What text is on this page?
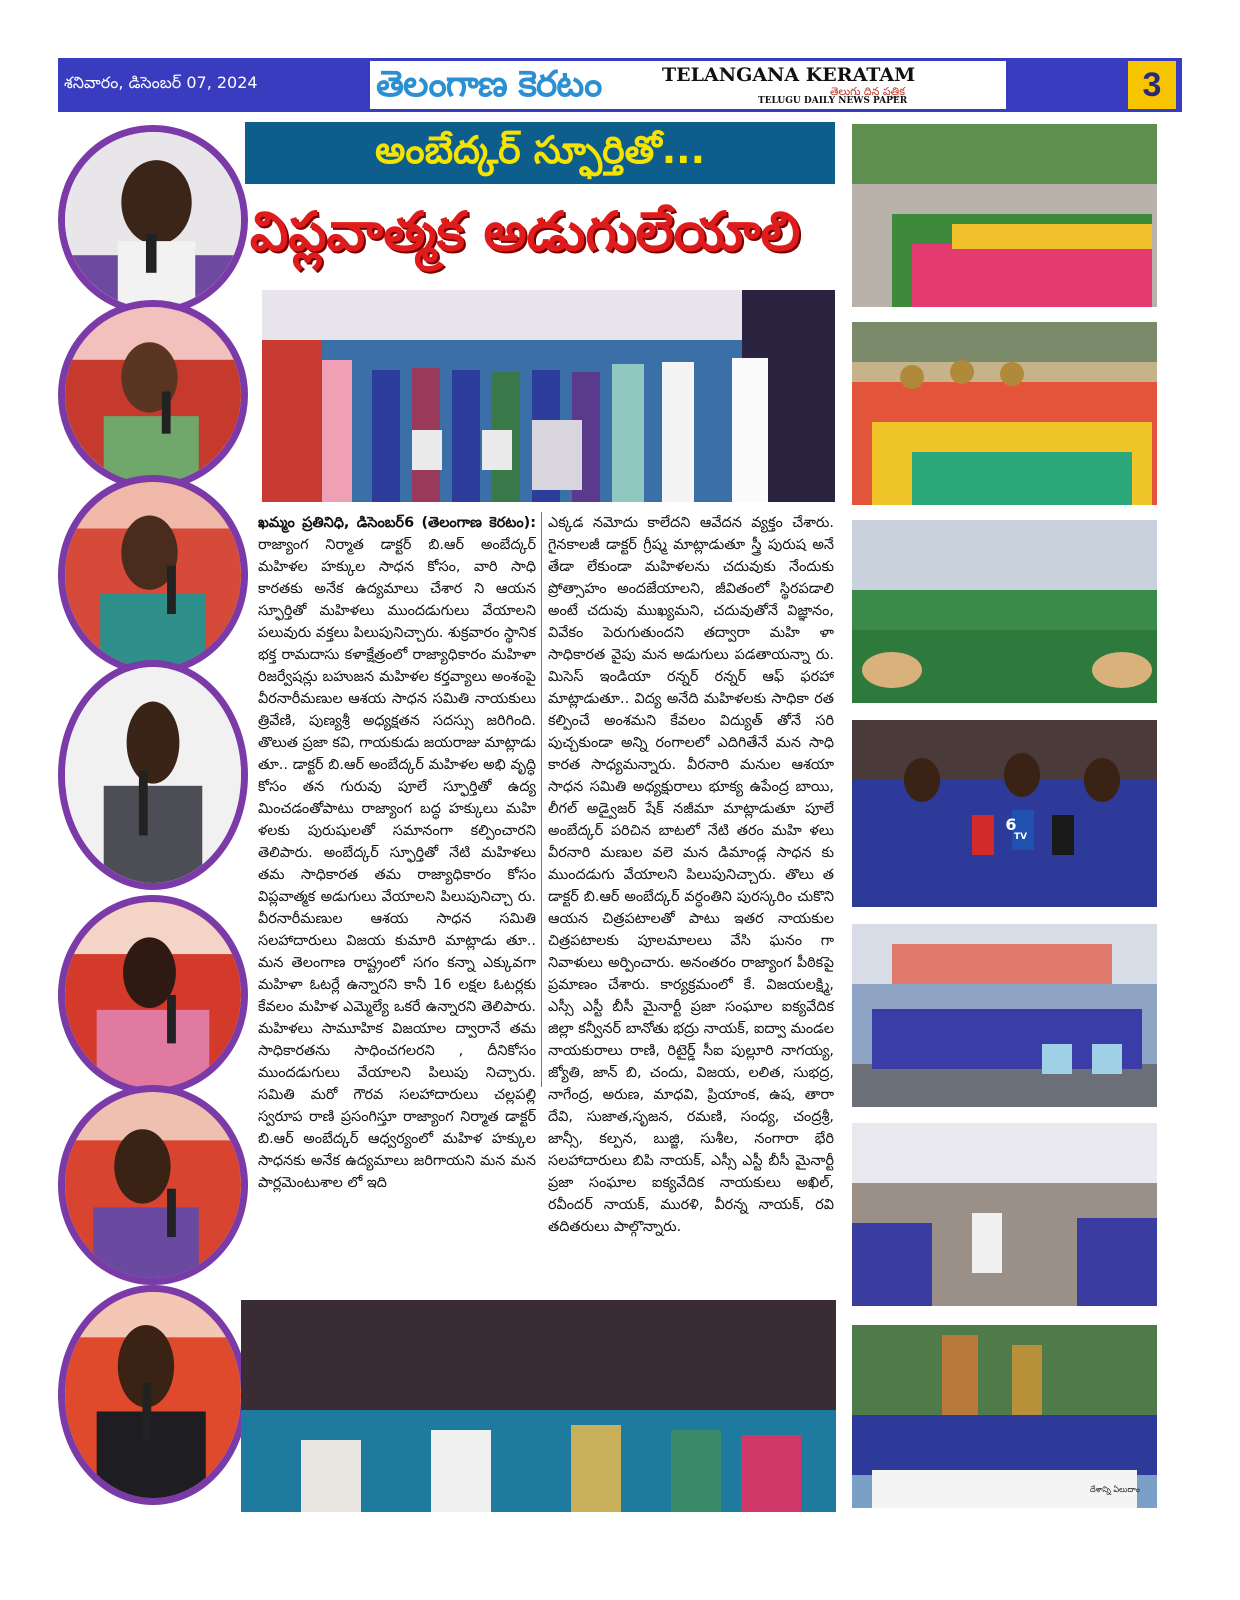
శనివారం, డిసెంబర్ 07, 2024	తెలంగాణ కెరటం	TELANGANA KERATAM
తెలుగు దిన పత్రిక
TELUGU DAILY NEWS PAPER	3
అంబేద్కర్ స్ఫూర్తితో...
విప్లవాత్మక అడుగులేయాలి
6
TV
దేశాన్ని ఏలుదాం

ఖమ్మం ప్రతినిధి, డిసెంబర్6 (తెలంగాణ కెరటం): రాజ్యాంగ నిర్మాత డాక్టర్ బి.ఆర్ అంబేద్కర్ మహిళల హక్కుల సాధన కోసం, వారి సాధి కారతకు అనేక ఉద్యమాలు చేశార ని ఆయన స్ఫూర్తితో మహిళలు ముందడుగులు వేయాలని పలువురు వక్తలు పిలుపునిచ్చారు. శుక్రవారం స్థానిక భక్త రామదాసు కళాక్షేత్రంలో రాజ్యాధికారం మహిళా రిజర్వేషన్లు బహుజన మహిళల కర్తవ్యాలు అంశంపై వీరనారీమణుల ఆశయ సాధన సమితి నాయకులు త్రివేణి, పుణ్యశ్రీ అధ్యక్షతన సదస్సు జరిగింది. తొలుత ప్రజా కవి, గాయకుడు జయరాజు మాట్లాడు తూ.. డాక్టర్ బి.ఆర్ అంబేద్కర్ మహిళల అభి వృద్ధి కోసం తన గురువు పూలే స్ఫూర్తితో ఉద్య మించడంతోపాటు రాజ్యాంగ బద్ధ హక్కులు మహి ళలకు పురుషులతో సమానంగా కల్పించారని తెలిపారు. అంబేద్కర్ స్ఫూర్తితో నేటి మహిళలు తమ సాధికారత తమ రాజ్యాధికారం కోసం విప్లవాత్మక అడుగులు వేయాలని పిలుపునిచ్చా రు. వీరనారీమణుల ఆశయ సాధన సమితి సలహాదారులు విజయ కుమారి మాట్లాడు తూ.. మన తెలంగాణ రాష్ట్రంలో సగం కన్నా ఎక్కువగా మహిళా ఓటర్లే ఉన్నారని కానీ 16 లక్షల ఓటర్లకు కేవలం మహిళ ఎమ్మెల్యే ఒకరే ఉన్నారని తెలిపారు. మహిళలు సామూహిక విజయాల ద్వారానే తమ సాధికారతను సాధించగలరని , దీనికోసం ముందడుగులు వేయాలని పిలుపు నిచ్చారు. సమితి మరో గౌరవ సలహాదారులు చల్లపల్లి స్వరూప రాణి ప్రసంగిస్తూ రాజ్యాంగ నిర్మాత డాక్టర్ బి.ఆర్ అంబేద్కర్ ఆధ్వర్యంలో మహిళ హక్కుల సాధనకు అనేక ఉద్యమాలు జరిగాయని మన మన పార్లమెంటుశాల లో ఇది

ఎక్కడ నమోదు కాలేదని ఆవేదన వ్యక్తం చేశారు. గైనకాలజీ డాక్టర్ గ్రీష్మ మాట్లాడుతూ స్త్రీ పురుష అనే తేడా లేకుండా మహిళలను చదువుకు నేందుకు ప్రోత్సాహం అందజేయాలని, జీవితంలో స్థిరపడాలి అంటే చదువు ముఖ్యమని, చదువుతోనే విజ్ఞానం, వివేకం పెరుగుతుందని తద్వారా మహి ళా సాధికారత వైపు మన అడుగులు పడతాయన్నా రు. మిసెస్ ఇండియా రన్నర్ రన్నర్ ఆఫ్ ఫరహా మాట్లాడుతూ.. విద్య అనేది మహిళలకు సాధికా రత కల్పించే అంశమని కేవలం విద్యుత్ తోనే సరి పుచ్చకుండా అన్ని రంగాలలో ఎదిగితేనే మన సాధి కారత సాధ్యమన్నారు. వీరనారి మనుల ఆశయా సాధన సమితి అధ్యక్షురాలు భూక్య ఉపేంద్ర బాయి, లీగల్ అడ్వైజర్ షేక్ నజీమా మాట్లాడుతూ పూలే అంబేద్కర్ పరిచిన బాటలో నేటి తరం మహి ళలు వీరనారి మణుల వలె మన డిమాండ్ల సాధన కు ముందడుగు వేయాలని పిలుపునిచ్చారు. తొలు త డాక్టర్ బి.ఆర్ అంబేద్కర్ వర్ధంతిని పురస్కరిం చుకొని ఆయన చిత్రపటాలతో పాటు ఇతర నాయకుల చిత్రపటాలకు పూలమాలలు వేసి ఘనం గా నివాళులు అర్పించారు. అనంతరం రాజ్యాంగ పీఠికపై ప్రమాణం చేశారు. కార్యక్రమంలో కే. విజయలక్ష్మి, ఎస్సీ ఎస్టీ బీసీ మైనార్టీ ప్రజా సంఘాల ఐక్యవేదిక జిల్లా కన్వీనర్ బానోతు భద్రు నాయక్, ఐద్వా మండల నాయకురాలు రాణి, రిటైర్డ్ సీఐ పుల్లూరి నాగయ్య, జ్యోతి, జాన్ బి, చందు, విజయ, లలిత, సుభద్ర, నాగేంద్ర, అరుణ, మాధవి, ప్రియాంక, ఉష, తారా దేవి, సుజాత,సృజన, రమణి, సంధ్య, చంద్రశ్రీ, జాన్సీ, కల్పన, బుజ్జి, సుశీల, నంగారా భేరి సలహాదారులు బిపి నాయక్, ఎస్సీ ఎస్టీ బీసీ మైనార్టీ ప్రజా సంఘాల ఐక్యవేదిక నాయకులు అఖిల్, రవీందర్ నాయక్, మురళి, వీరన్న నాయక్, రవి తదితరులు పాల్గొన్నారు.
